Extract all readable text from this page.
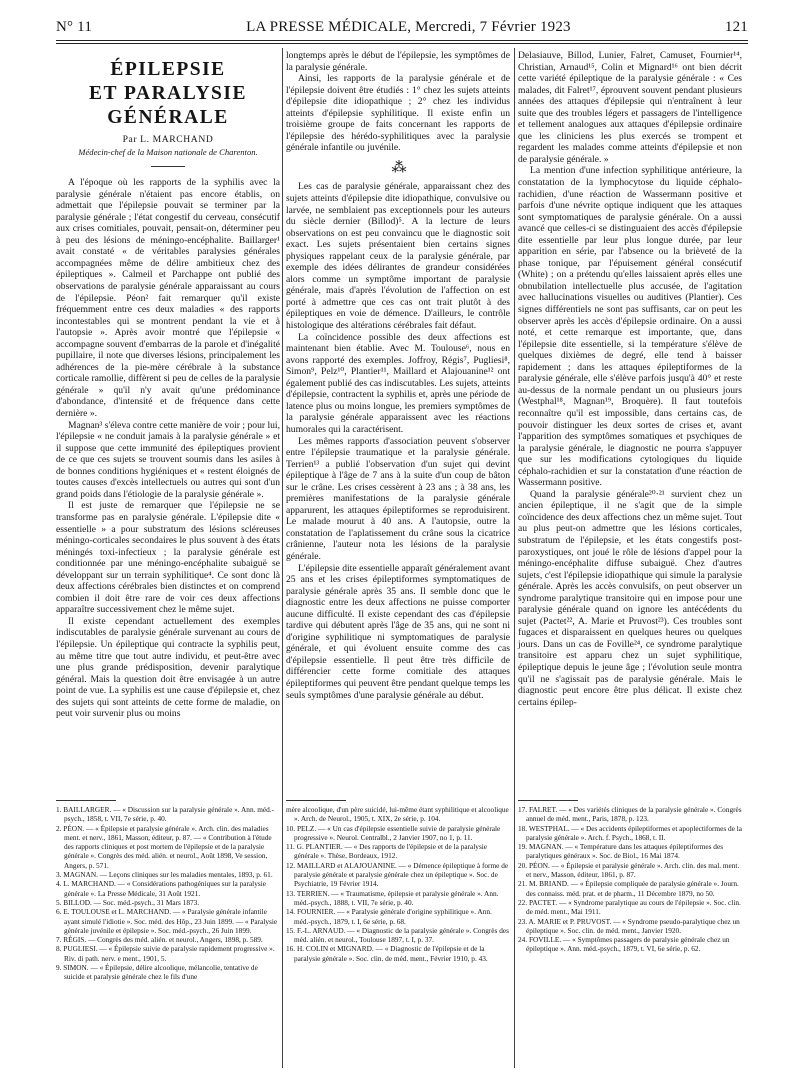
N° 11	LA PRESSE MÉDICALE, Mercredi, 7 Février 1923	121
ÉPILEPSIE
ET PARALYSIE GÉNÉRALE
Par L. MARCHAND
Médecin-chef de la Maison nationale de Charenton.

A l'époque où les rapports de la syphilis avec la paralysie générale n'étaient pas encore établis, on admettait que l'épilepsie pouvait se terminer par la paralysie générale ; l'état congestif du cerveau, consécutif aux crises comitiales, pouvait, pensait-on, déterminer peu à peu des lésions de méningo-encéphalite. Baillarger¹ avait constaté « de véritables paralysies générales accompagnées même de délire ambitieux chez des épileptiques ». Calmeil et Parchappe ont publié des observations de paralysie générale apparaissant au cours de l'épilepsie. Péon² fait remarquer qu'il existe fréquemment entre ces deux maladies « des rapports incontestables qui se montrent pendant la vie et à l'autopsie ». Après avoir montré que l'épilepsie « accompagne souvent d'embarras de la parole et d'inégalité pupillaire, il note que diverses lésions, principalement les adhérences de la pie-mère cérébrale à la substance corticale ramollie, diffèrent si peu de celles de la paralysie générale » qu'il n'y avait qu'une prédominance d'abondance, d'intensité et de fréquence dans cette dernière ».

Magnan³ s'éleva contre cette manière de voir ; pour lui, l'épilepsie « ne conduit jamais à la paralysie générale » et il suppose que cette immunité des épileptiques provient de ce que ces sujets se trouvent soumis dans les asiles à de bonnes conditions hygiéniques et « restent éloignés de toutes causes d'excès intellectuels ou autres qui sont d'un grand poids dans l'étiologie de la paralysie générale ».

Il est juste de remarquer que l'épilepsie ne se transforme pas en paralysie générale. L'épilepsie dite « essentielle » a pour substratum des lésions scléreuses méningo-corticales secondaires le plus souvent à des états méningés toxi-infectieux ; la paralysie générale est conditionnée par une méningo-encéphalite subaiguë se développant sur un terrain syphilitique⁴. Ce sont donc là deux affections cérébrales bien distinctes et on comprend combien il doit être rare de voir ces deux affections apparaître successivement chez le même sujet.

Il existe cependant actuellement des exemples indiscutables de paralysie générale survenant au cours de l'épilepsie. Un épileptique qui contracte la syphilis peut, au même titre que tout autre individu, et peut-être avec une plus grande prédisposition, devenir paralytique général. Mais la question doit être envisagée à un autre point de vue. La syphilis est une cause d'épilepsie et, chez des sujets qui sont atteints de cette forme de maladie, on peut voir survenir plus ou moins

longtemps après le début de l'épilepsie, les symptômes de la paralysie générale.

Ainsi, les rapports de la paralysie générale et de l'épilepsie doivent être étudiés : 1° chez les sujets atteints d'épilepsie dite idiopathique ; 2° chez les individus atteints d'épilepsie syphilitique. Il existe enfin un troisième groupe de faits concernant les rapports de l'épilepsie des hérédo-syphilitiques avec la paralysie générale infantile ou juvénile.

⁂

Les cas de paralysie générale, apparaissant chez des sujets atteints d'épilepsie dite idiopathique, convulsive ou larvée, ne semblaient pas exceptionnels pour les auteurs du siècle dernier (Billod)⁵. A la lecture de leurs observations on est peu convaincu que le diagnostic soit exact. Les sujets présentaient bien certains signes physiques rappelant ceux de la paralysie générale, par exemple des idées délirantes de grandeur considérées alors comme un symptôme important de paralysie générale, mais d'après l'évolution de l'affection on est porté à admettre que ces cas ont trait plutôt à des épileptiques en voie de démence. D'ailleurs, le contrôle histologique des altérations cérébrales fait défaut.

La coïncidence possible des deux affections est maintenant bien établie. Avec M. Toulouse⁶, nous en avons rapporté des exemples. Joffroy, Régis⁷, Pugliesi⁸, Simon⁹, Pelz¹⁰, Plantier¹¹, Maillard et Alajouanine¹² ont également publié des cas indiscutables. Les sujets, atteints d'épilepsie, contractent la syphilis et, après une période de latence plus ou moins longue, les premiers symptômes de la paralysie générale apparaissent avec les réactions humorales qui la caractérisent.

Les mêmes rapports d'association peuvent s'observer entre l'épilepsie traumatique et la paralysie générale. Terrien¹³ a publié l'observation d'un sujet qui devint épileptique à l'âge de 7 ans à la suite d'un coup de bâton sur le crâne. Les crises cessèrent à 23 ans ; à 38 ans, les premières manifestations de la paralysie générale apparurent, les attaques épileptiformes se reproduisirent. Le malade mourut à 40 ans. A l'autopsie, outre la constatation de l'aplatissement du crâne sous la cicatrice crânienne, l'auteur nota les lésions de la paralysie générale.

L'épilepsie dite essentielle apparaît généralement avant 25 ans et les crises épileptiformes symptomatiques de paralysie générale après 35 ans. Il semble donc que le diagnostic entre les deux affections ne puisse comporter aucune difficulté. Il existe cependant des cas d'épilepsie tardive qui débutent après l'âge de 35 ans, qui ne sont ni d'origine syphilitique ni symptomatiques de paralysie générale, et qui évoluent ensuite comme des cas d'épilepsie essentielle. Il peut être très difficile de différencier cette forme comitiale des attaques épileptiformes qui peuvent être pendant quelque temps les seuls symptômes d'une paralysie générale au début.

Delasiauve, Billod, Lunier, Falret, Camuset, Fournier¹⁴, Christian, Arnaud¹⁵, Colin et Mignard¹⁶ ont bien décrit cette variété épileptique de la paralysie générale : « Ces malades, dit Falret¹⁷, éprouvent souvent pendant plusieurs années des attaques d'épilepsie qui n'entraînent à leur suite que des troubles légers et passagers de l'intelligence et tellement analogues aux attaques d'épilepsie ordinaire que les cliniciens les plus exercés se trompent et regardent les malades comme atteints d'épilepsie et non de paralysie générale. »

La mention d'une infection syphilitique antérieure, la constatation de la lymphocytose du liquide céphalo-rachidien, d'une réaction de Wassermann positive et parfois d'une névrite optique indiquent que les attaques sont symptomatiques de paralysie générale. On a aussi avancé que celles-ci se distinguaient des accès d'épilepsie dite essentielle par leur plus longue durée, par leur apparition en série, par l'absence ou la brièveté de la phase tonique, par l'épuisement général consécutif (White) ; on a prétendu qu'elles laissaient après elles une obnubilation intellectuelle plus accusée, de l'agitation avec hallucinations visuelles ou auditives (Plantier). Ces signes différentiels ne sont pas suffisants, car on peut les observer après les accès d'épilepsie ordinaire. On a aussi noté, et cette remarque est importante, que, dans l'épilepsie dite essentielle, si la température s'élève de quelques dixièmes de degré, elle tend à baisser rapidement ; dans les attaques épileptiformes de la paralysie générale, elle s'élève parfois jusqu'à 40° et reste au-dessus de la normale pendant un ou plusieurs jours (Westphal¹⁸, Magnan¹⁹, Broquère). Il faut toutefois reconnaître qu'il est impossible, dans certains cas, de pouvoir distinguer les deux sortes de crises et, avant l'apparition des symptômes somatiques et psychiques de la paralysie générale, le diagnostic ne pourra s'appuyer que sur les modifications cytologiques du liquide céphalo-rachidien et sur la constatation d'une réaction de Wassermann positive.

Quand la paralysie générale²⁰⋅²¹ survient chez un ancien épileptique, il ne s'agit que de la simple coïncidence des deux affections chez un même sujet. Tout au plus peut-on admettre que les lésions corticales, substratum de l'épilepsie, et les états congestifs post-paroxystiques, ont joué le rôle de lésions d'appel pour la méningo-encéphalite diffuse subaiguë. Chez d'autres sujets, c'est l'épilepsie idiopathique qui simule la paralysie générale. Après les accès convulsifs, on peut observer un syndrome paralytique transitoire qui en impose pour une paralysie générale quand on ignore les antécédents du sujet (Pactet²², A. Marie et Pruvost²³). Ces troubles sont fugaces et disparaissent en quelques heures ou quelques jours. Dans un cas de Foville²⁴, ce syndrome paralytique transitoire est apparu chez un sujet syphilitique, épileptique depuis le jeune âge ; l'évolution seule montra qu'il ne s'agissait pas de paralysie générale. Mais le diagnostic peut encore être plus délicat. Il existe chez certains épilep-

1. BAILLARGER. — « Discussion sur la paralysie générale ». Ann. méd.-psych., 1858, t. VII, 7e série, p. 40.
2. PÉON. — « Épilepsie et paralysie générale ». Arch. clin. des maladies ment. et nerv., 1861, Masson, éditeur, p. 87. — « Contribution à l'étude des rapports cliniques et post mortem de l'épilepsie et de la paralysie générale ». Congrès des méd. alién. et neurol., Août 1898, Ve session, Angers, p. 571.
3. MAGNAN. — Leçons cliniques sur les maladies mentales, 1893, p. 61.
4. L. MARCHAND. — « Considérations pathogéniques sur la paralysie générale ». La Presse Médicale, 31 Août 1921.
5. BILLOD. — Soc. méd.-psych., 31 Mars 1873.
6. E. TOULOUSE et L. MARCHAND. — « Paralysie générale infantile ayant simulé l'idiotie ». Soc. méd. des Hôp., 23 Juin 1899. — « Paralysie générale juvénile et épilepsie ». Soc. méd.-psych., 26 Juin 1899.
7. RÉGIS. — Congrès des méd. alién. et neurol., Angers, 1898, p. 589.
8. PUGLIESI. — « Épilepsie suivie de paralysie rapidement progressive ». Riv. di path. nerv. e ment., 1901, 5.
9. SIMON. — « Épilepsie, délire alcoolique, mélancolie, tentative de suicide et paralysie générale chez le fils d'une
mère alcoolique, d'un père suicidé, lui-même étant syphilitique et alcoolique ». Arch. de Neurol., 1905, t. XIX, 2e série, p. 104.
10. PELZ. — « Un cas d'épilepsie essentielle suivie de paralysie générale progressive ». Neurol. Centralbl., 2 Janvier 1907, no 1, p. 11.
11. G. PLANTIER. — « Des rapports de l'épilepsie et de la paralysie générale ». Thèse, Bordeaux, 1912.
12. MAILLARD et ALAJOUANINE. — « Démence épileptique à forme de paralysie générale et paralysie générale chez un épileptique ». Soc. de Psychiatrie, 19 Février 1914.
13. TERRIEN. — « Traumatisme, épilepsie et paralysie générale ». Ann. méd.-psych., 1888, t. VII, 7e série, p. 40.
14. FOURNIER. — « Paralysie générale d'origine syphilitique ». Ann. méd.-psych., 1879, t. I, 6e série, p. 68.
15. F.-L. ARNAUD. — « Diagnostic de la paralysie générale ». Congrès des méd. alién. et neurol., Toulouse 1897, t. I, p. 37.
16. H. COLIN et MIGNARD. — « Diagnostic de l'épilepsie et de la paralysie générale ». Soc. clin. de méd. ment., Février 1910, p. 43.
17. FALRET. — « Des variétés cliniques de la paralysie générale ». Congrès annuel de méd. ment., Paris, 1878, p. 123.
18. WESTPHAL. — « Des accidents épileptiformes et apoplectiformes de la paralysie générale ». Arch. f. Psych., 1868, t. II.
19. MAGNAN. — « Température dans les attaques épileptiformes des paralytiques généraux ». Soc. de Biol., 16 Mai 1874.
20. PÉON. — « Épilepsie et paralysie générale ». Arch. clin. des mal. ment. et nerv., Masson, éditeur, 1861, p. 87.
21. M. BRIAND. — « Épilepsie compliquée de paralysie générale ». Journ. des connaiss. méd. prat. et de pharm., 11 Décembre 1879, no 50.
22. PACTET. — « Syndrome paralytique au cours de l'épilepsie ». Soc. clin. de méd. ment., Mai 1911.
23. A. MARIE et P. PRUVOST. — « Syndrome pseudo-paralytique chez un épileptique ». Soc. clin. de méd. ment., Janvier 1920.
24. FOVILLE. — « Symptômes passagers de paralysie générale chez un épileptique ». Ann. méd.-psych., 1879, t. VI, 6e série, p. 62.
